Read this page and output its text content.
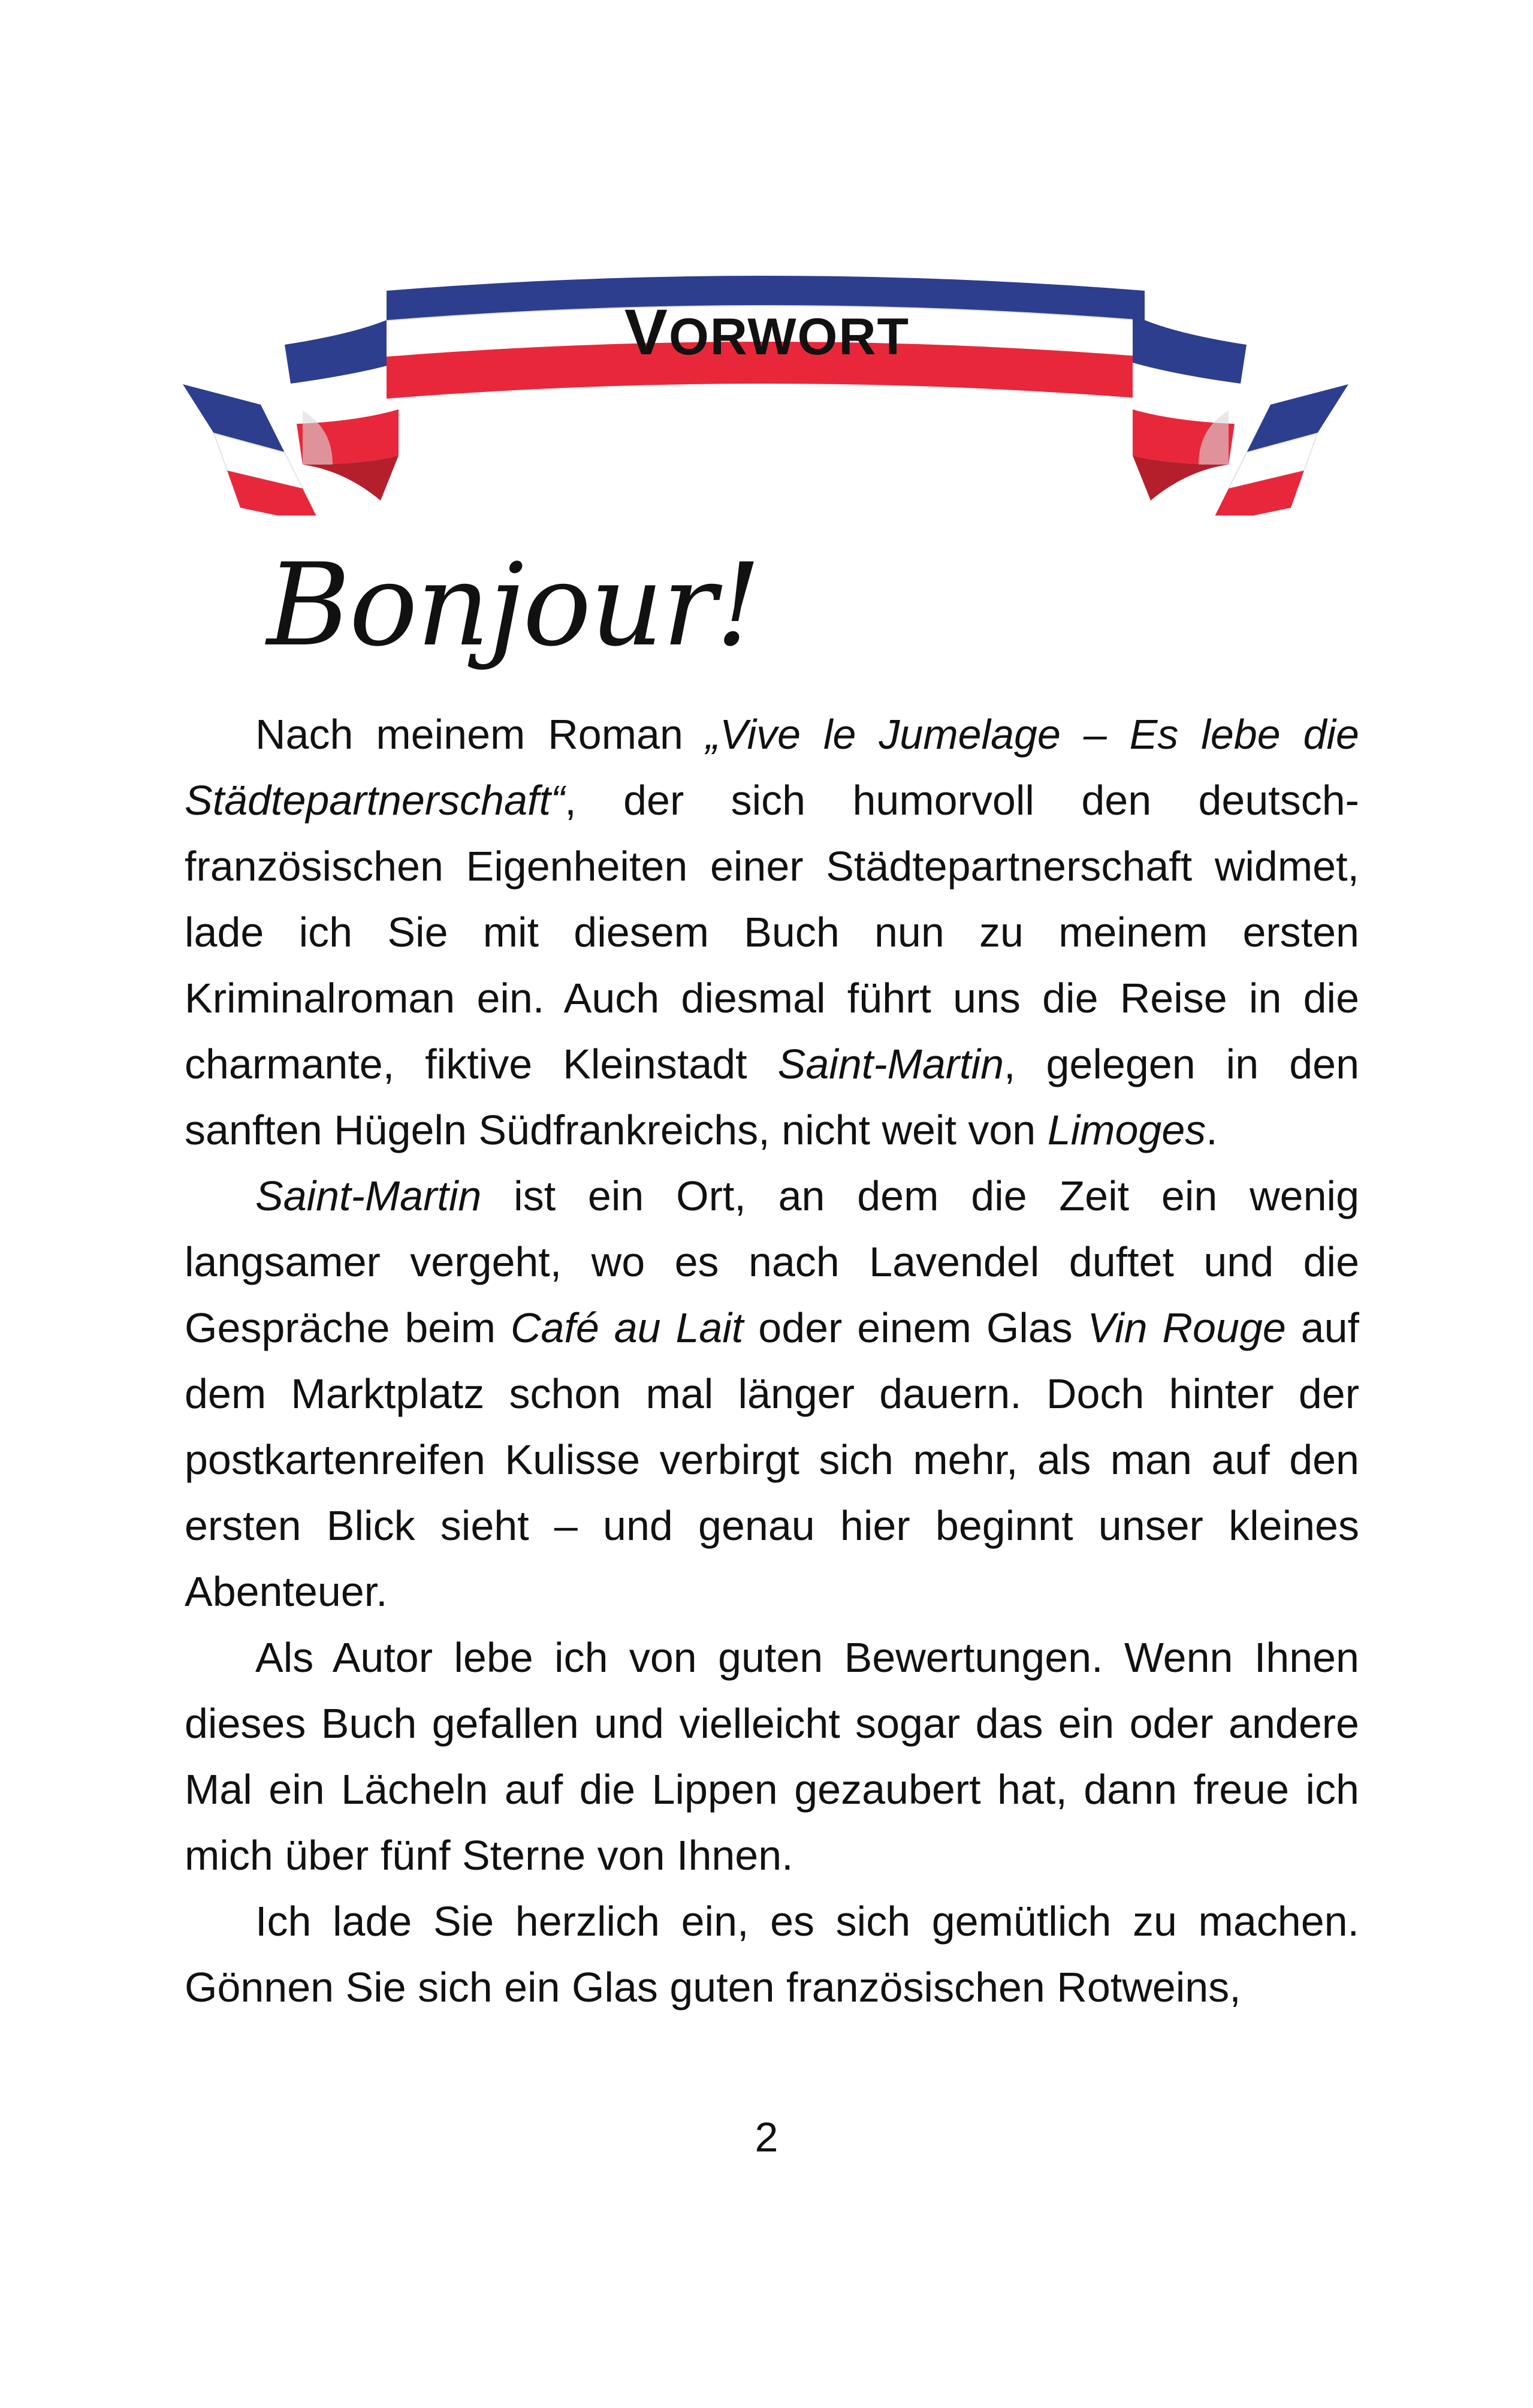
VORWORT
Bonjour!

Nach meinem Roman „Vive le Jumelage – Es lebe die Städtepartnerschaft“, der sich humorvoll den deutsch-französischen Eigenheiten einer Städtepartnerschaft widmet, lade ich Sie mit diesem Buch nun zu meinem ersten Kriminalroman ein. Auch diesmal führt uns die Reise in die charmante, fiktive Kleinstadt Saint-Martin, gelegen in den sanften Hügeln Südfrankreichs, nicht weit von Limoges.

Saint-Martin ist ein Ort, an dem die Zeit ein wenig langsamer vergeht, wo es nach Lavendel duftet und die Gespräche beim Café au Lait oder einem Glas Vin Rouge auf dem Marktplatz schon mal länger dauern. Doch hinter der postkartenreifen Kulisse verbirgt sich mehr, als man auf den ersten Blick sieht – und genau hier beginnt unser kleines Abenteuer.

Als Autor lebe ich von guten Bewertungen. Wenn Ihnen dieses Buch gefallen und vielleicht sogar das ein oder andere Mal ein Lächeln auf die Lippen gezaubert hat, dann freue ich mich über fünf Sterne von Ihnen.

Ich lade Sie herzlich ein, es sich gemütlich zu machen. Gönnen Sie sich ein Glas guten französischen Rotweins,

2
